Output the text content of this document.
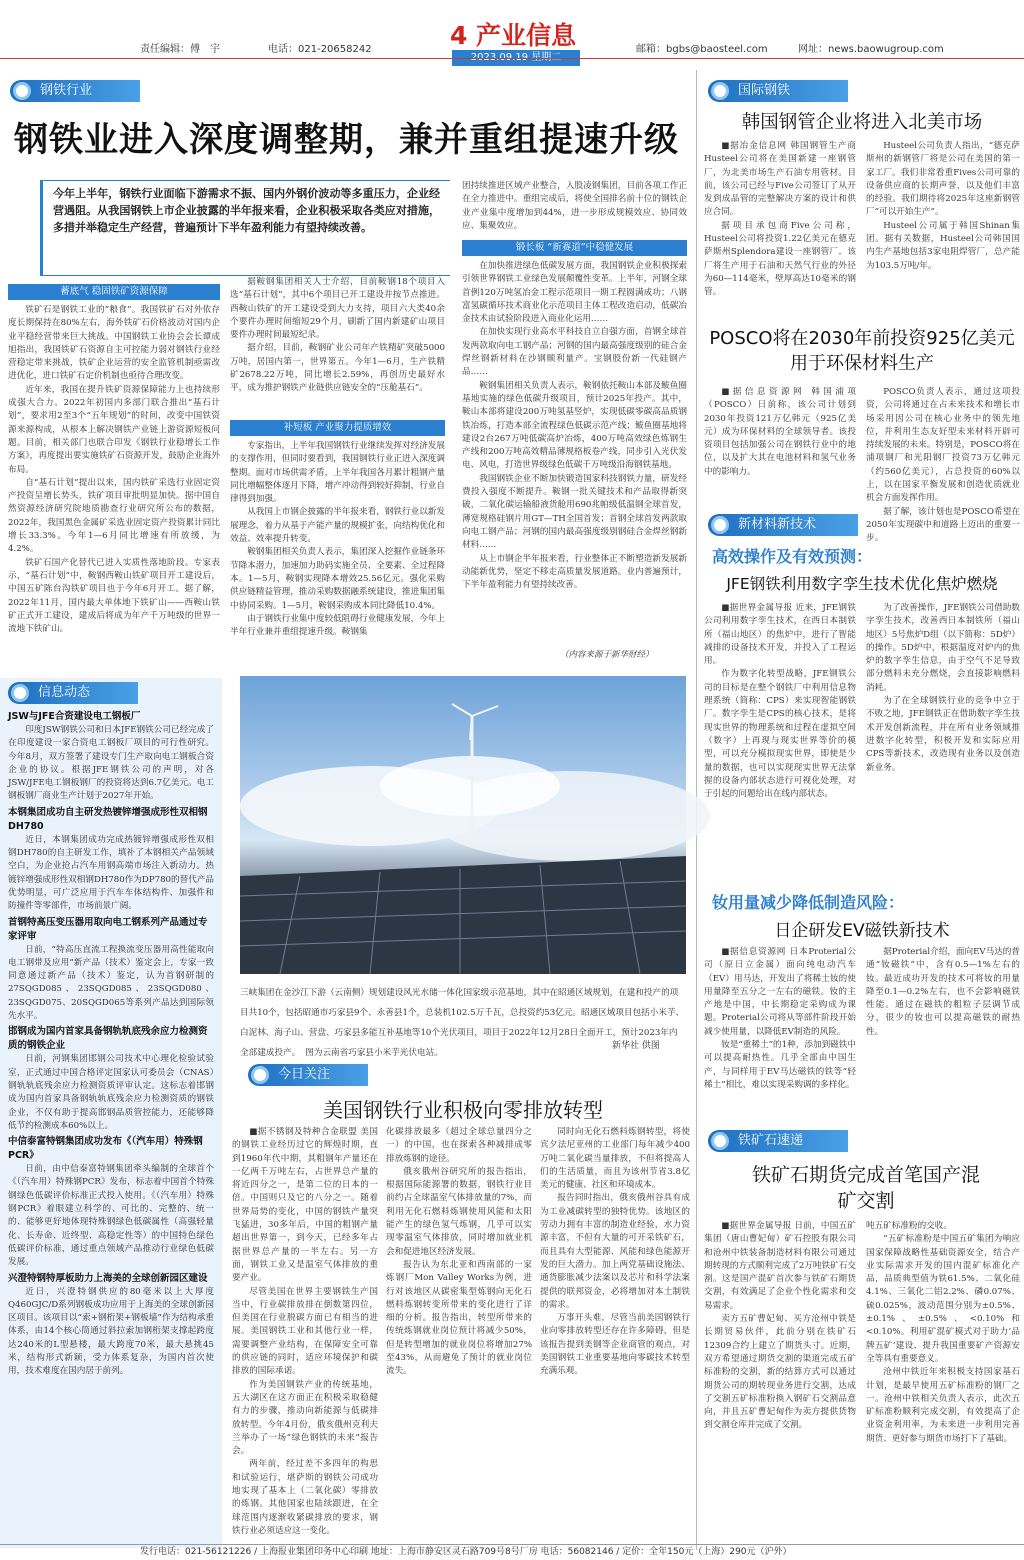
责任编辑：傅　宇	电话：021-20658242	4 产业信息	邮箱：bgbs@baosteel.com	网址：news.baowugroup.com
钢铁行业
钢铁业进入深度调整期，兼并重组提速升级
今年上半年，钢铁行业面临下游需求不振、国内外钢价波动等多重压力，企业经营遇阻。从我国钢铁上市企业披露的半年报来看，企业积极采取各类应对措施，多措并举稳定生产经营，普遍预计下半年盈利能力有望持续改善。
蓄底气 稳固铁矿资源保障

铁矿石是钢铁工业的“粮食”。我国铁矿石对外依存度长期保持在80%左右，海外铁矿石价格波动对国内企业平稳经营带来巨大挑战。中国钢铁工业协会会长谭成旭指出，我国铁矿石资源自主可控能力弱对钢铁行业经营稳定带来挑战，铁矿企业运营的安全监管机制亟需改进优化，进口铁矿石定价机制也亟待合理改变。

近年来，我国在提升铁矿资源保障能力上也持续形成强大合力。2022年初国内多部门联合推出“基石计划”，要求用2至3个“五年规划”的时间，改变中国铁资源来源构成，从根本上解决钢铁产业链上游资源短板问题。目前，相关部门也联合印发《钢铁行业稳增长工作方案》，再度提出要实施铁矿石资源开发，鼓励企业海外布局。

自“基石计划”提出以来，国内铁矿采选行业固定资产投资呈增长势头，铁矿项目审批明显加快。据中国自然资源经济研究院地质勘查行业研究所公布的数据，2022年，我国黑色金属矿采选业固定资产投资累计同比增长33.3%。今年1—6月同比增速有所放缓，为4.2%。

铁矿石国产化替代已进入实质性落地阶段。专家表示，“基石计划”中，鞍钢西鞍山铁矿项目开工建设后，中国五矿陈台沟铁矿项目也于今年6月开工。据了解，2022年11月，国内最大单体地下铁矿山——西鞍山铁矿正式开工建设，建成后将成为年产千万吨级的世界一流地下铁矿山。

据鞍钢集团相关人士介绍，目前鞍钢18个项目入选“基石计划”，其中6个项目已开工建设并按节点推进。西鞍山铁矿的开工建设受到大力支持，项目六大类40余个要件办理时间缩短29个月，刷新了国内新建矿山项目要件办理时间最短纪录。

据介绍，目前，鞍钢矿业公司年产铁精矿突破5000万吨，居国内第一，世界第五。今年1—6月，生产铁精矿2678.22万吨，同比增长2.59%，再创历史最好水平，成为推护钢铁产业链供应链安全的“压舱基石”。

补短板 产业聚力提质增效

专家指出，上半年我国钢铁行业继续发挥对经济发展的支撑作用，但同时要看到，我国钢铁行业正进入深度调整期。面对市场供需矛盾，上半年我国各月累计粗钢产量同比增幅整体逐月下降，增产冲动得到较好抑制，行业自律得到加强。

从我国上市钢企披露的半年报来看，钢铁行业以新发展理念，着力从基于产能产量的规模扩张，向结构优化和效益、效率提升转变。

鞍钢集团相关负责人表示，集团深入挖掘作业链条环节降本潜力，加速加力助码实施全员、全要素、全过程降本。1—5月，鞍钢实现降本增效25.56亿元。强化采购供应链精益管理，推动采购数据融系统建设，推进集团集中协同采购。1—5月，鞍钢采购成本同比降低10.4%。

由于钢铁行业集中度较低阻碍行业健康发展，今年上半年行业兼并重组提速升级。鞍钢集

团持续推进区域产业整合，入股凌钢集团，目前各项工作正在全力推进中。重组完成后，将使全国排名前十位的钢铁企业产业集中度增加到44%，进一步形成规模效应、协同效应、集聚效应。

锻长板 “新赛道”中稳健发展

在加快推进绿色低碳发展方面，我国钢铁企业积极探索引领世界钢铁工业绿色发展颠覆性变革。上半年，河钢全球首例120万吨氢冶金工程示范项目一期工程圆满成功；八钢富氢碳循环技术商业化示范项目主体工程改造启动，低碳冶金技术由试验阶段进入商业化运用……

在加快实现行业高水平科技自立自强方面，首钢全球首发两款取向电工钢产品；河钢的国内最高强度级别的硅合金焊丝钢新材料在沙钢顺利量产。宝钢股份新一代硅钢产品……

鞍钢集团相关负责人表示，鞍钢依托鞍山本部及鲅鱼圈基地实施的绿色低碳升级项目，预计2025年投产。其中，鞍山本部将建设200万吨氢基竖炉，实现低碳零碳高品质钢铁冶炼，打造本部全流程绿色低碳示范产线；鲅鱼圈基地将建设2台267万吨低碳高炉冶炼，400万吨高效绿色炼钢生产线和200万吨高效精品薄规格板卷产线，同步引入光伏发电、风电，打造世界级绿色低碳千万吨级沿海钢铁基地。

我国钢铁企业不断加快锻造国家科技钢铁力量，研发经费投入强度不断提升。鞍钢一批关键技术和产品取得新突破，二氧化碳运输船液货舱用690兆帕级低温钢全球首发，薄宽规格硅钢片用GT—TH全国首发；首钢全球首发两款取向电工钢产品；河钢的国内最高强度级别钢硅合金焊丝钢新材料……

从上市钢企半年报来看，行业整体正不断塑造新发展新动能新优势，坚定不移走高质量发展道路。业内普遍预计，下半年盈利能力有望持续改善。

（内容来源于新华财经）
国际钢铁
韩国钢管企业将进入北美市场

■据冶金信息网 韩国钢管生产商Husteel公司将在美国新建一座钢管厂，为北美市场生产石油专用管材。目前，该公司已经与Five公司签订了从开发到成品管的完整解决方案的设计和供应合同。

据项目承包商Five公司称，Husteel公司将投资1.22亿美元在德克萨斯州Splendora建设一座钢管厂。该厂将生产用于石油和天然气行业的外径为60—114毫米，壁厚高达10毫米的钢管。

Husteel公司负责人指出，“德克萨斯州的新钢管厂将是公司在美国的第一家工厂。我们非常看重Fives公司可靠的设备供应商的长期声誉，以及他们丰富的经验。我们期待将2025年这座新钢管厂“可以开始生产”。

Husteel公司属于韩国Shinan集团。据有关数据，Husteel公司韩国国内生产基地包括3家电阻焊管厂，总产能为103.5万吨/年。

POSCO将在2030年前投资925亿美元用于环保材料生产

■据信息资源网 韩国浦项（POSCO）日前称，该公司计划到2030年投资121万亿韩元（925亿美元）成为环保材料的全球领导者。该投资项目包括加强公司在钢铁行业中的地位，以及扩大其在电池材料和氢气业务中的影响力。

POSCO负责人表示，通过这项投资，公司将通过在占未来技术和增长市场采用因公司在核心业务中的领先地位，并利用生态友好型未来材料开辟可持续发展的未来。特别是，POSCO将在浦项钢厂和光阳钢厂投资73万亿韩元（约560亿美元），占总投资的60%以上，以在国家平衡发展和创造优质就业机会方面发挥作用。

据了解，该计划也是POSCO希望在2050年实现碳中和道路上迈出的重要一步。

新材料新技术
高效操作及有效预测：
JFE钢铁利用数字孪生技术优化焦炉燃烧

■据世界金属导报 近来，JFE钢铁公司利用数字孪生技术，在西日本制铁所（福山地区）的焦炉中，进行了智能减排的设备技术开发，并投入了工程运用。

作为数字化转型战略，JFE钢铁公司的目标是在整个钢铁厂中利用信息物理系统（简称：CPS）来实现智能钢铁厂。数字孪生是CPS的核心技术，是将现实世界的物理系统和过程在虚拟空间（数字）上再现与现实世界等价的模型，可以充分模拟现实世界，即使是少量的数据，也可以实现现实世界无法掌握的设备内部状态进行可视化处理，对于引起的问题给出在线内部状态。

为了改善操作，JFE钢铁公司借助数字孪生技术，改善西日本制铁所（福山地区）5号焦炉D组（以下简称：5D炉）的操作。5D炉中，根据温度对炉内的焦炉的数字孪生信息，由于空气不足导致部分燃料未充分燃烧，会直接影响燃料消耗。

为了在全球钢铁行业的竞争中立于不败之地，JFE钢铁正在借助数字孪生技术开发创新流程，并在所有业务领域推进数字化转型，积极开发和实际应用CPS等新技术，改造现有业务以及创造新业务。

钕用量减少降低制造风险：
日企研发EV磁铁新技术

■据信息资源网 日本Proterial公司（原日立金属）面向纯电动汽车（EV）用马达，开发出了将稀土钕的使用量降至五分之一左右的磁铁。钕的主产地是中国，中长期稳定采购成为课题。Proterial公司将从等部件阶段开始减少使用量，以降低EV制造的风险。

钕是“重稀土”的1种，添加到磁铁中可以提高耐热性。几乎全部由中国生产，与同样用于EV马达磁铁的铁等“轻稀土”相比，难以实现采购调的多样化。

据Proterial介绍，面向EV马达的普通“钕磁铁”中，含有0.5—1%左右的钕。最近成功开发的技术可将钕的用量降至0.1—0.2%左右，也不会影响磁铁性能。通过在磁铁的粗粒子层调节成分，很少的钕也可以提高磁铁的耐热性。

铁矿石速递
铁矿石期货完成首笔国产混矿交割

■据世界金属导报 日前，中国五矿集团（唐山曹妃甸）矿石控股有限公司和沧州中铁装备制造材料有限公司通过期转现的方式顺利完成了2万吨铁矿石交割。这是国产混矿首次参与铁矿石期货交割，有效满足了企业个性化需求和交易需求。

卖方五矿曹妃甸、买方沧州中铁是长期贸易伙伴，此前分别在铁矿石12309合约上建立了期货头寸。近期，双方希望通过期货交割的渠道完成五矿标准粉的交割，新的结算方式可以通过期货公司的期转现业务进行交割，达成了交割五矿标准粉换入钢矿石交割品意向，并且五矿曹妃甸作为卖方提供货物到交割仓库并完成了交割。

吨五矿标准粉的交收。

“五矿标准粉是中国五矿集团为响应国家保障战略性基础资源安全，结合产业实际需求开发的国内混矿标准化产品，品质典型值为铁61.5%、二氧化硅4.1%、三氧化二铝2.2%、磷0.07%、硫0.025%，波动范围分别为±0.5%、±0.1%、±0.5%、<0.10%和<0.10%。利用矿混矿模式对于助力‘品牌五矿’建设、提升我国重要矿产资源安全等具有重要意义。

沧州中铁近年来积极支持国家基石计划，是最早使用五矿标准粉的钢厂之一。沧州中铁相关负责人表示，此次五矿标准粉顺利完成交割，有效提高了企业资金利用率，为未来进一步利用完善期货、更好参与期货市场打下了基础。

信息动态
JSW与JFE合资建设电工钢板厂

印度JSW钢铁公司和日本JFE钢铁公司已经完成了在印度建设一家合资电工钢板厂项目的可行性研究。今年8月，双方签署了建设专门生产取向电工钢板合资企业的协议。根据JFE钢铁公司的声明，对各JSW/JFE电工钢板钢厂的投资将达到6.7亿美元。电工钢板钢厂商业生产计划于2027年开始。

本钢集团成功自主研发热镀锌增强成形性双相钢DH780

近日，本钢集团成功完成热镀锌增强成形性双相钢DH780的自主研发工作，填补了本钢相关产品领域空白，为企业抢占汽车用钢高端市场注入新动力。热镀锌增强成形性双相钢DH780作为DP780的替代产品优势明显，可广泛应用于汽车车体结构件、加强件和防撞件等零部件，市场前景广阔。

首钢特高压变压器用取向电工钢系列产品通过专家评审

日前，“特高压直流工程换流变压器用高性能取向电工钢带及应用”新产品（技术）鉴定会上，专家一致同意通过新产品（技术）鉴定，认为首钢研制的27SQGD085、23SQGD085、23SQGD080、23SQGD075、20SQGD065等系列产品达到国际领先水平。

邯钢成为国内首家具备钢轨轨底残余应力检测资质的钢铁企业

日前，河钢集团邯钢公司技术中心理化检验试验室，正式通过中国合格评定国家认可委员会（CNAS）钢轨轨底残余应力检测资质评审认定。这标志着邯钢成为国内首家具备钢轨轨底残余应力检测资质的钢铁企业，不仅有助于提高邯钢品质管控能力，还能够降低节约检测成本60%以上。

中信泰富特钢集团成功发布《（汽车用）特殊钢PCR》

日前，由中信泰富特钢集团牵头编制的全球首个《（汽车用）特殊钢PCR》发布，标志着中国首个特殊钢绿色低碳评价标准正式投入使用。《（汽车用）特殊钢PCR》着眼建立科学的、可比的、完整的、统一的、能够更好地体现特殊钢绿色低碳属性（高强轻量化、长寿命、近终型、高稳定性等）的中国特色绿色低碳评价标准，通过重点领域产品推动行业绿色低碳发展。

兴澄特钢特厚板助力上海美的全球创新园区建设

近日，兴澄特钢供应的80毫米以上大厚度Q460GJC/D系列钢板成功应用于上海美的全球创新园区项目。该项目以“索+钢桁架+钢板墙”作为结构承重体系，由14个核心筒通过斜拉索加钢桁架支撑起跨度达240米的L型悬楼，最大跨度70米，最大悬挑45米，结构形式新颖，受力体系复杂，为国内首次使用，技术难度在国内居于前列。

三峡集团在金沙江下游（云南侧）规划建设风光水储一体化国家级示范基地，其中在昭通区域规划，在建和投产的项目共10个，包括昭通市巧家县9个、永善县1个，总装机102.5万千瓦，总投资约53亿元。昭通区域项目包括小米芋、白泥林、海子山、营盘、巧家县多能互补基地等10个光伏项目，项目于2022年12月28日全面开工，预计2023年内全部建成投产。 图为云南省巧家县小米芋光伏电站。
新华社 供图
今日关注
美国钢铁行业积极向零排放转型

■据不锈钢及特种合金联盟 美国的钢铁工业经历过它的辉煌时期，直到1960年代中期，其粗钢年产量还在一亿两千万吨左右，占世界总产量的将近四分之一，是第二位的日本的一倍。中国则只及它的八分之一。随着世界局势的变化，中国的钢铁产量突飞猛进，30多年后，中国的粗钢产量超出世界第一，到今天，已经多年占据世界总产量的一半左右。另一方面，钢铁工业又是温室气体排放的重要产业。

尽管美国在世界主要钢铁生产国当中，行业碳排放排在倒数第四位，但美国在行业脱碳方面已有相当的进展。美国钢铁工业和其他行业一样，需要调整产业结构，在保障安全可靠的供应链的同时，适应环境保护和碳排放的国际承诺。

作为美国钢铁产业的传统基地，五大湖区在这方面正在积极采取稳健有力的步骤，推动向新能源与低碳排放转型。今年4月份，俄亥俄州克利夫兰举办了一场“绿色钢铁的未来”报告会。

两年前，经过差不多四年的构思和试验运行，堪萨斯的钢铁公司成功地实现了基本上（二氧化碳）零排放的炼钢。其他国家也陆续跟进，在全球范围内逐渐收紧碳排放的要求，钢铁行业必须适应这一变化。

化碳排放最多（超过全球总量四分之一）的中国，也在探索各种减排成零排放炼钢的途径。

俄亥俄州谷研究所的报告指出，根据国际能源署的数据，钢铁行业目前约占全球温室气体排放量的7%，而利用无化石燃料炼钢使用风能和太阳能产生的绿色氢气炼钢，几乎可以实现零温室气体排放，同时增加就业机会和促进地区经济发展。

报告认为东北亚和西南部的一家炼钢厂Mon Valley Works为例，进行对该地区从碳密集型炼钢向无化石燃料炼钢转变所带来的变化进行了详细的分析。报告指出，转型所带来的传统炼钢就业岗位预计将减少50%，但是转型增加的就业岗位将增加27%至43%，从而避免了预计的就业岗位流失。

同时向无化石燃料炼钢转型，将使宾夕法尼亚州的工业部门每年减少400万吨二氧化碳当量排放，不但将提高人们的生活质量，而且为该州节省3.8亿美元的健康、社区和环境成本。

报告同时指出，俄亥俄州谷具有成为工业减碳转型的独特优势。该地区的劳动力拥有丰富的制造业经验，水力资源丰富，不但有大量的可开采铁矿石，而且具有大型能源、风能和绿色能源开发的巨大潜力。加上两党基础设施法、通货膨胀减少法案以及芯片和科学法案提供的联邦资金，必将增加对本土制铁的需求。

万事开头难，尽管当前美国钢铁行业向零排放转型还存在许多障碍，但是该报告提到美钢等企业商管的观点，对美国钢铁工业重要基地向零碳技术转型充满乐观。

发行电话：021-56121226 / 上海报业集团印务中心印刷 地址：上海市静安区灵石路709号8号厂房 电话：56082146 / 定价：全年150元（上海）290元（沪外）
